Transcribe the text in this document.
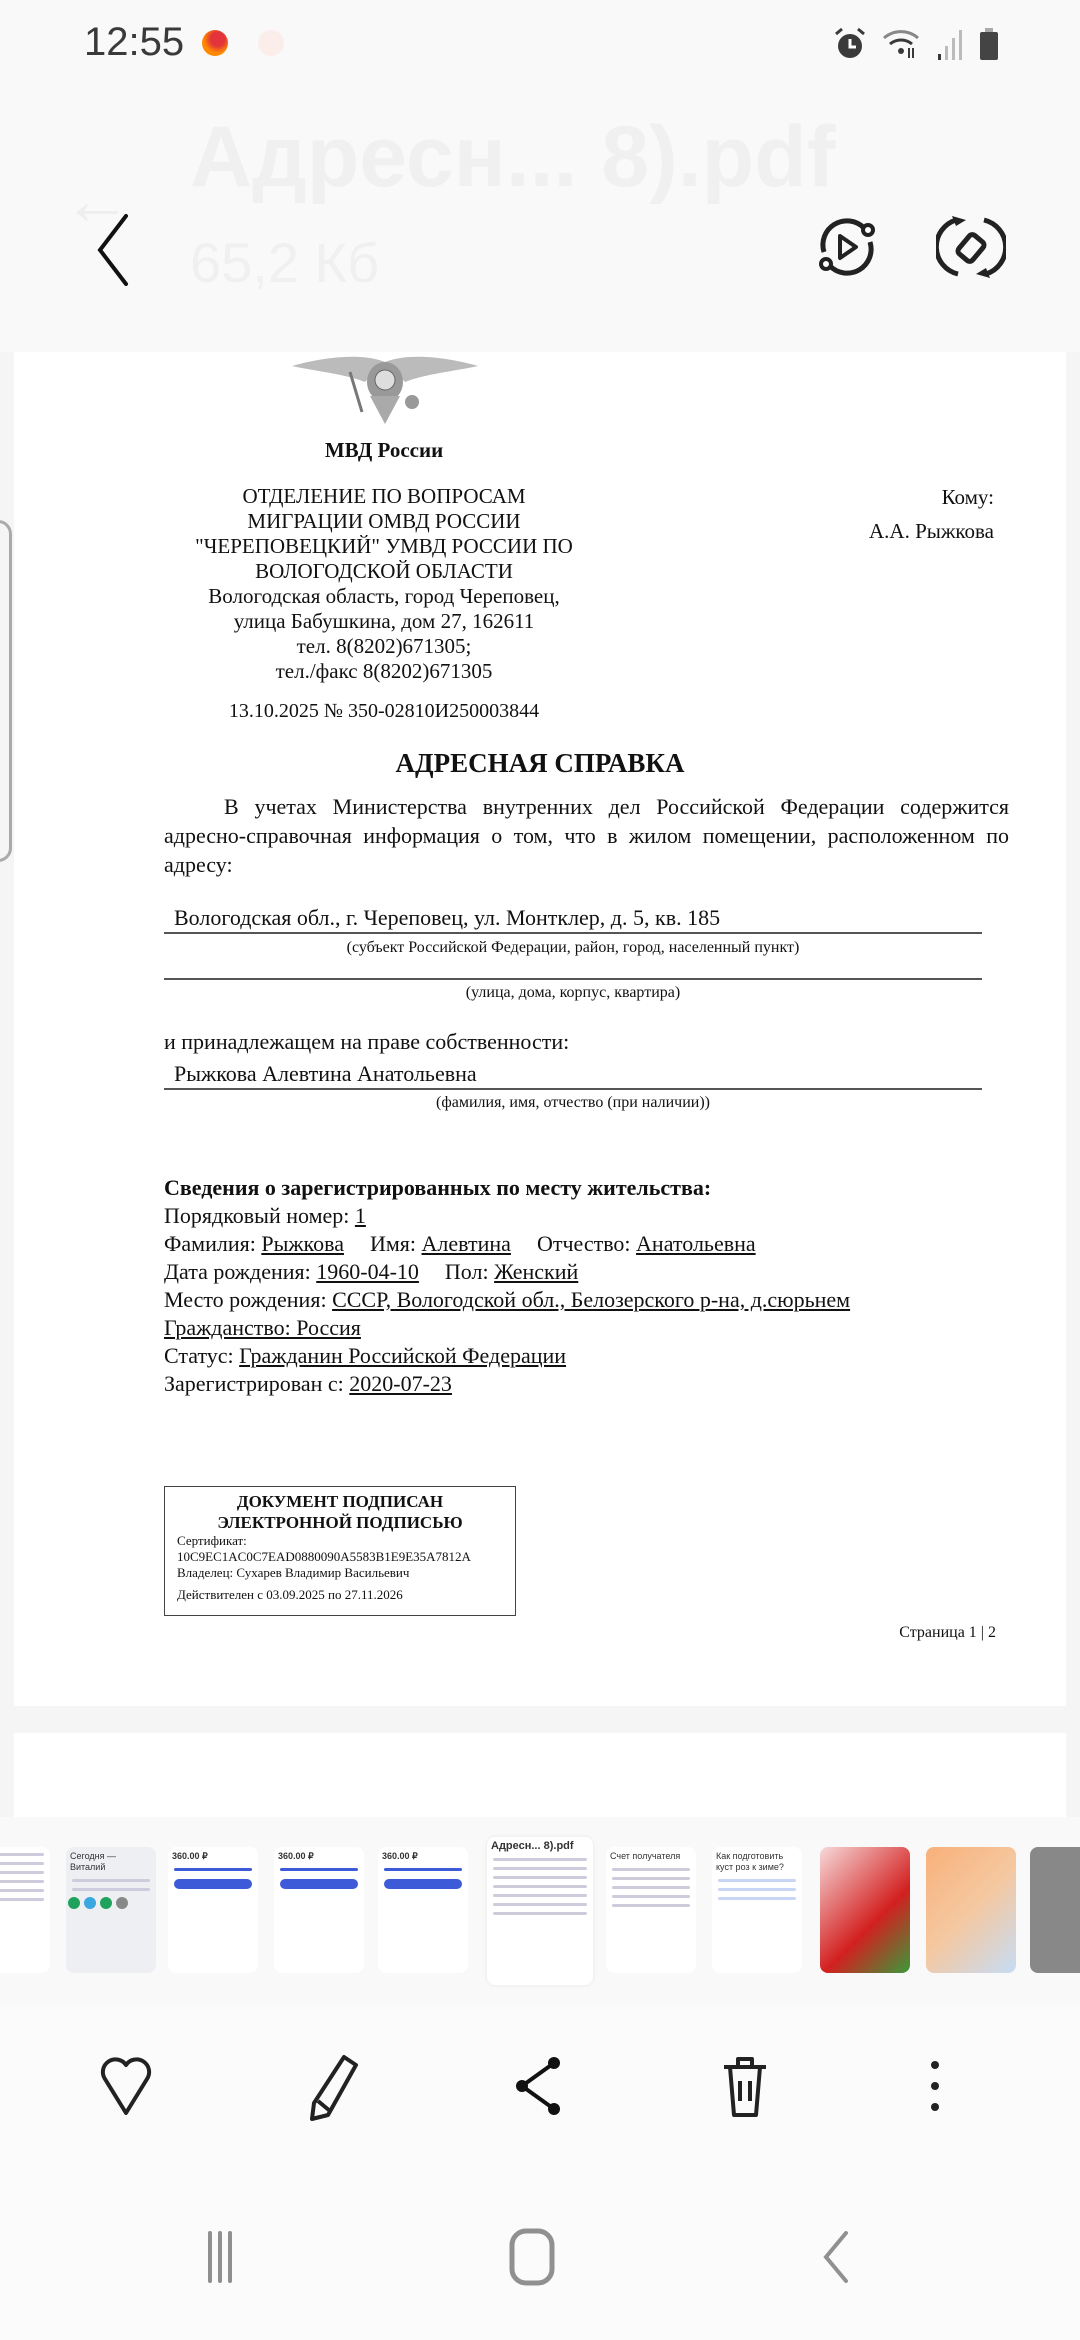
12:55
← Адресн... 8).pdf
65,2 Кб
МВД России
ОТДЕЛЕНИЕ ПО ВОПРОСАМ
МИГРАЦИИ ОМВД РОССИИ
"ЧЕРЕПОВЕЦКИЙ" УМВД РОССИИ ПО
ВОЛОГОДСКОЙ ОБЛАСТИ
Вологодская область, город Череповец,
улица Бабушкина, дом 27, 162611
тел. 8(8202)671305;
тел./факс 8(8202)671305
Кому:
А.А. Рыжкова
13.10.2025 № 350-02810И250003844
АДРЕСНАЯ СПРАВКА
В учетах Министерства внутренних дел Российской Федерации содержится адресно-справочная информация о том, что в жилом помещении, расположенном по адресу:
Вологодская обл., г. Череповец, ул. Монтклер, д. 5, кв. 185
(субъект Российской Федерации, район, город, населенный пункт)
(улица, дома, корпус, квартира)
и принадлежащем на праве собственности:
Рыжкова Алевтина Анатольевна
(фамилия, имя, отчество (при наличии))
Сведения о зарегистрированных по месту жительства:
Порядковый номер: 1
Фамилия: Рыжкова Имя: Алевтина Отчество: Анатольевна
Дата рождения: 1960-04-10 Пол: Женский
Место рождения: СССР, Вологодской обл., Белозерского р-на, д.сюрьнем
Гражданство: Россия
Статус: Гражданин Российской Федерации
Зарегистрирован с: 2020-07-23
ДОКУМЕНТ ПОДПИСАН
ЭЛЕКТРОННОЙ ПОДПИСЬЮ
Сертификат:
10C9EC1AC0C7EAD0880090A5583B1E9E35A7812A
Владелец: Сухарев Владимир Васильевич
Действителен с 03.09.2025 по 27.11.2026
Страница 1 | 2
Сегодня — Виталий
360.00 ₽	360.00 ₽	360.00 ₽
Адресн... 8).pdf
Счет получателя	Как подготовить куст роз к зиме?
